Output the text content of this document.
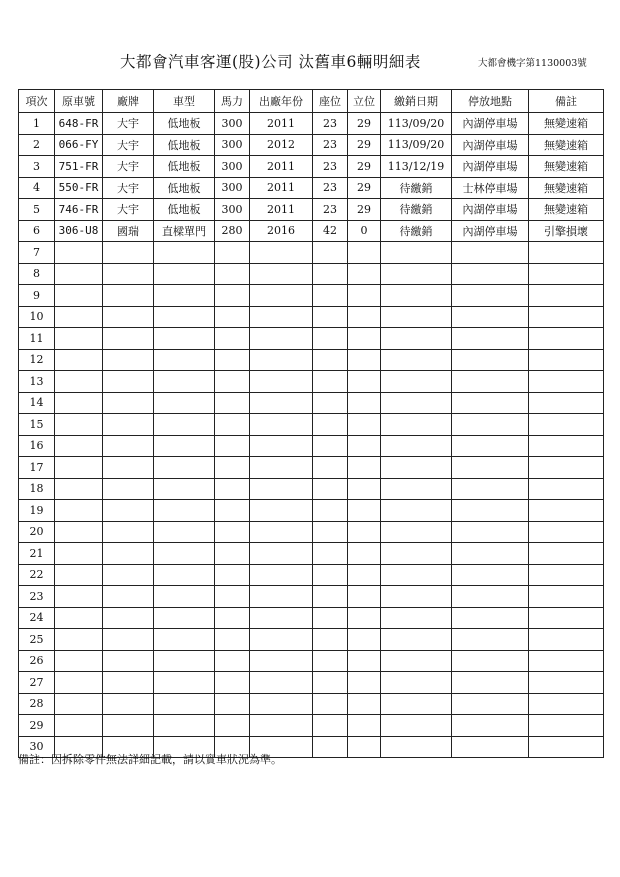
大都會汽車客運(股)公司 汰舊車6輛明細表	大都會機字第1130003號
項次	原車號	廠牌	車型	馬力	出廠年份	座位	立位	繳銷日期	停放地點	備註
1	648-FR	大宇	低地板	300	2011	23	29	113/09/20	內湖停車場	無變速箱
2	066-FY	大宇	低地板	300	2012	23	29	113/09/20	內湖停車場	無變速箱
3	751-FR	大宇	低地板	300	2011	23	29	113/12/19	內湖停車場	無變速箱
4	550-FR	大宇	低地板	300	2011	23	29	待繳銷	士林停車場	無變速箱
5	746-FR	大宇	低地板	300	2011	23	29	待繳銷	內湖停車場	無變速箱
6	306-U8	國瑞	直樑單門	280	2016	42	0	待繳銷	內湖停車場	引擎損壞
7										
8										
9										
10										
11										
12										
13										
14										
15										
16										
17										
18										
19										
20										
21										
22										
23										
24										
25										
26										
27										
28										
29										
30										
備註：因拆除零件無法詳細記載，請以實車狀況為準。
